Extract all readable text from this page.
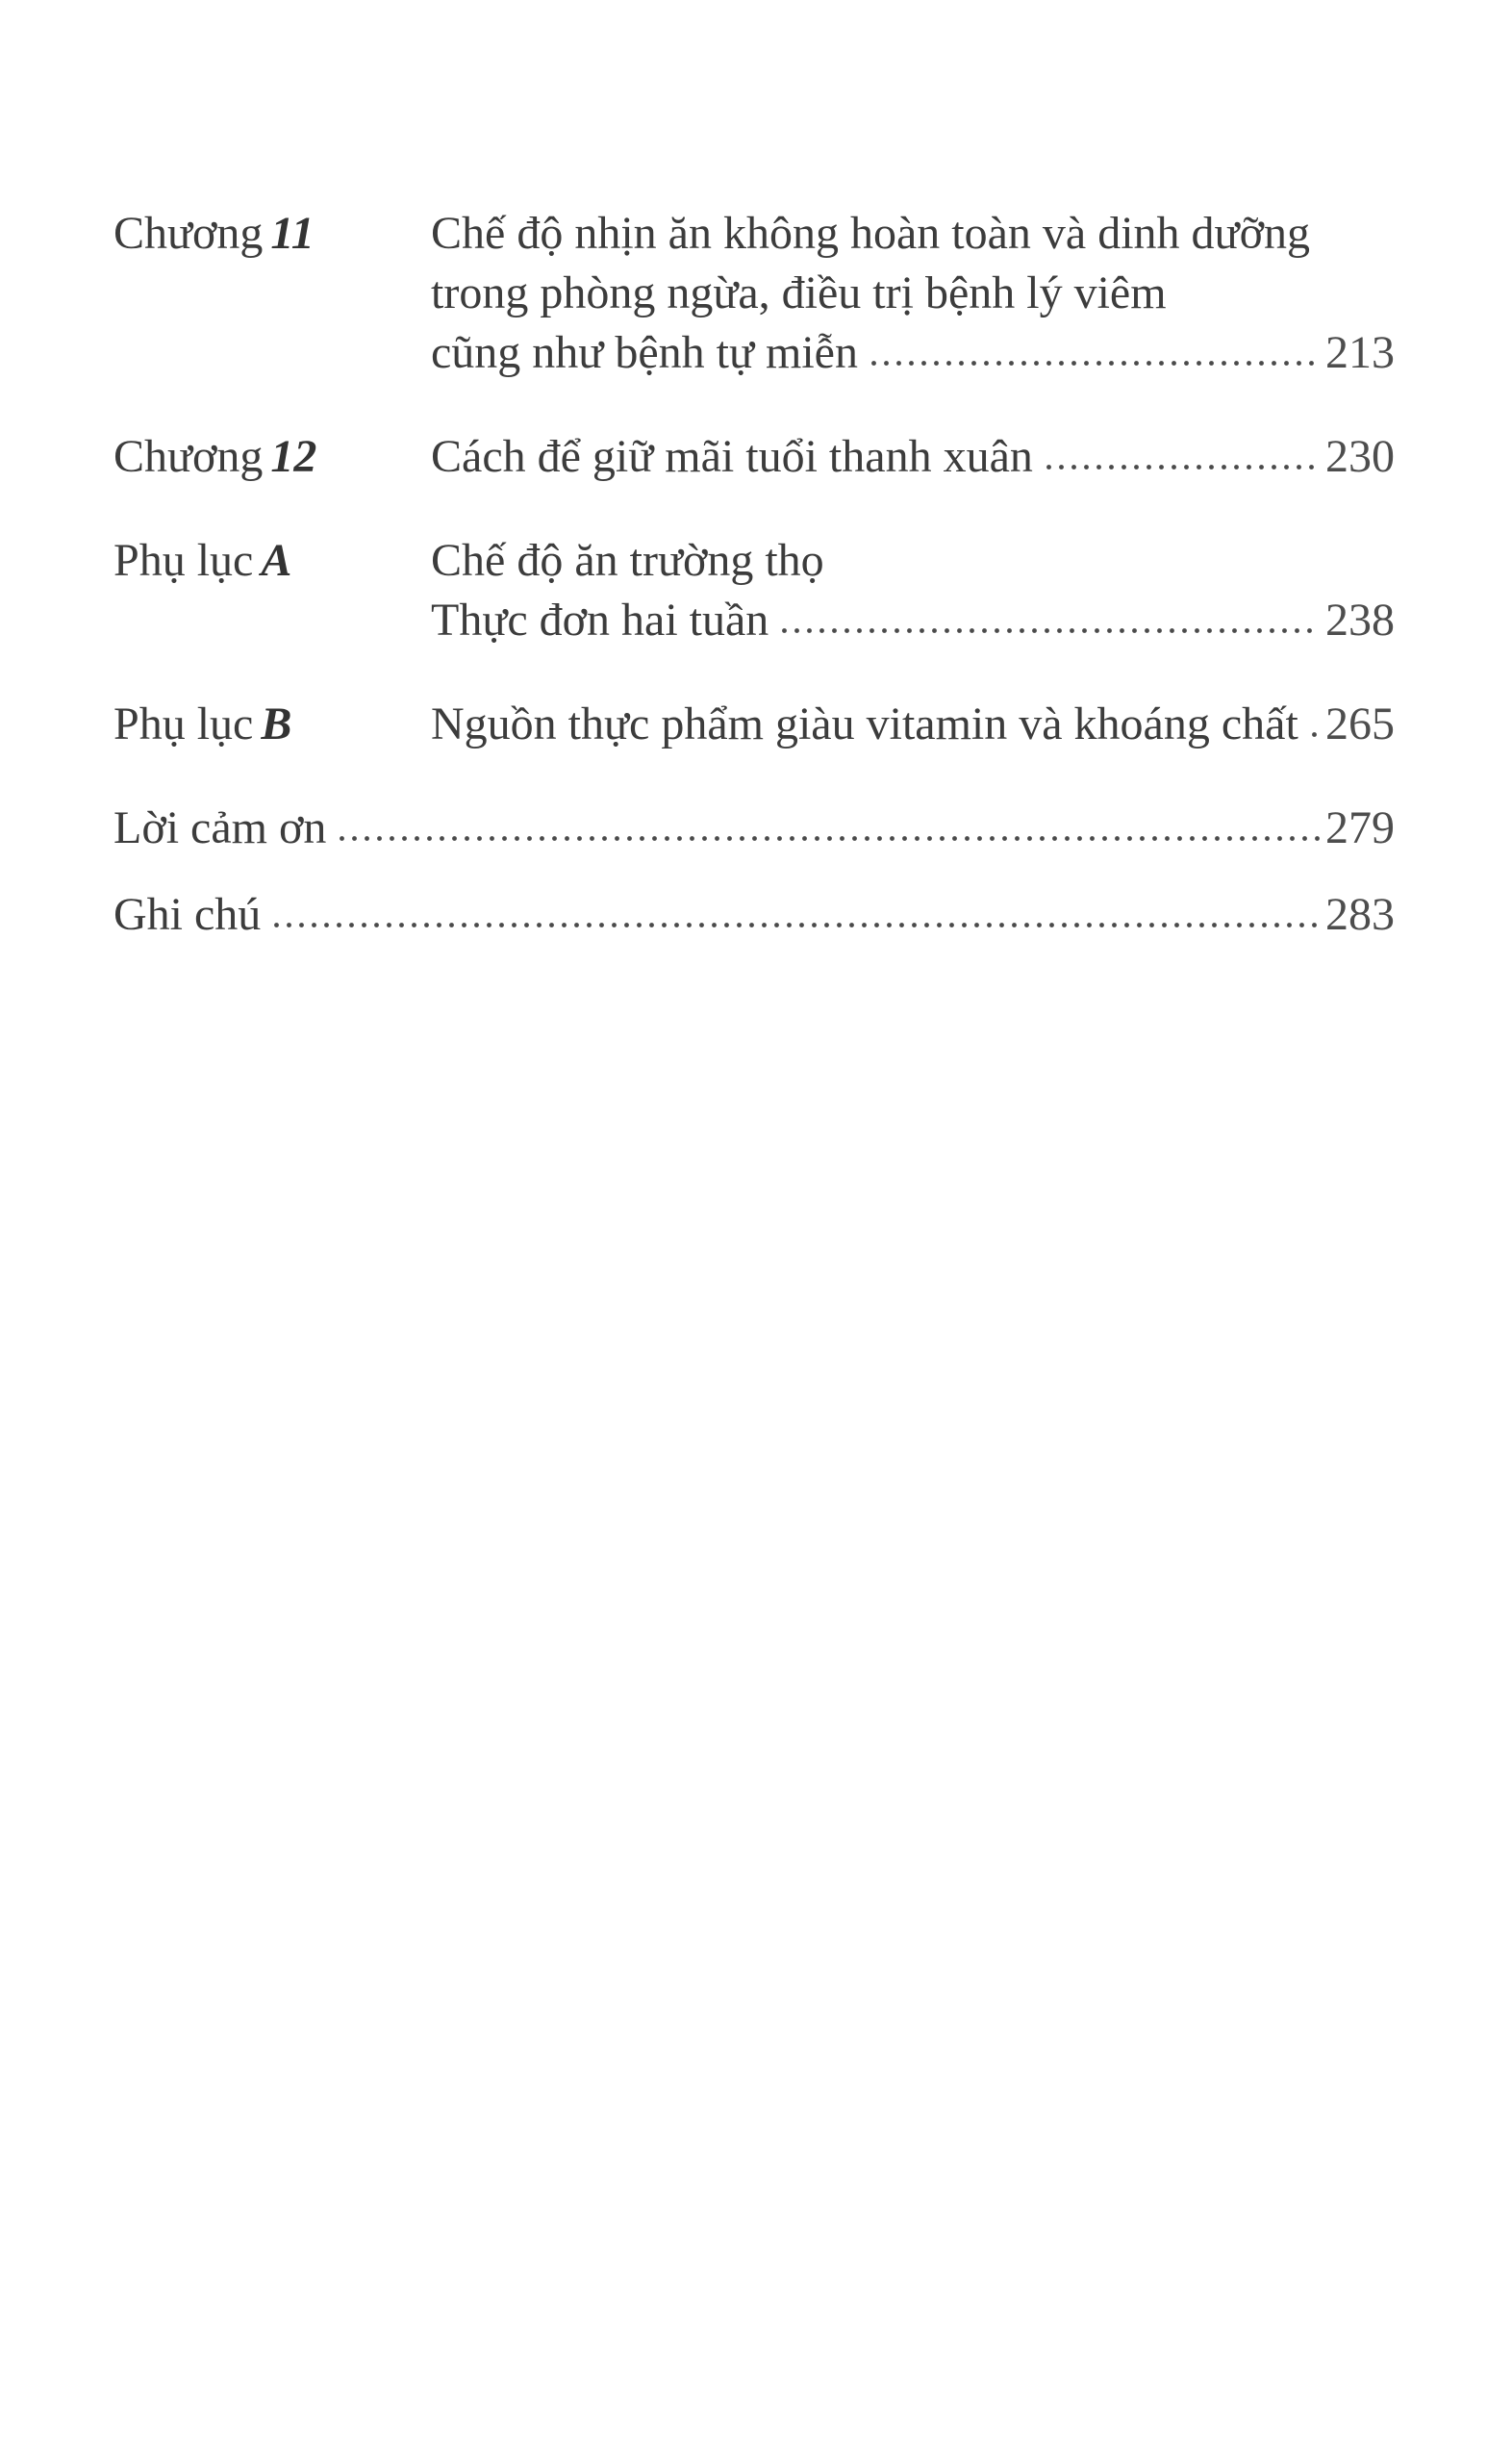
Chương 11	Chế độ nhịn ăn không hoàn toàn và dinh dưỡng
trong phòng ngừa, điều trị bệnh lý viêm
cũng như bệnh tự miễn	213
Chương 12	Cách để giữ mãi tuổi thanh xuân	230
Phụ lục A	Chế độ ăn trường thọ
Thực đơn hai tuần	238
Phụ lục B	Nguồn thực phẩm giàu vitamin và khoáng chất 265
Lời cảm ơn	279
Ghi chú	283
